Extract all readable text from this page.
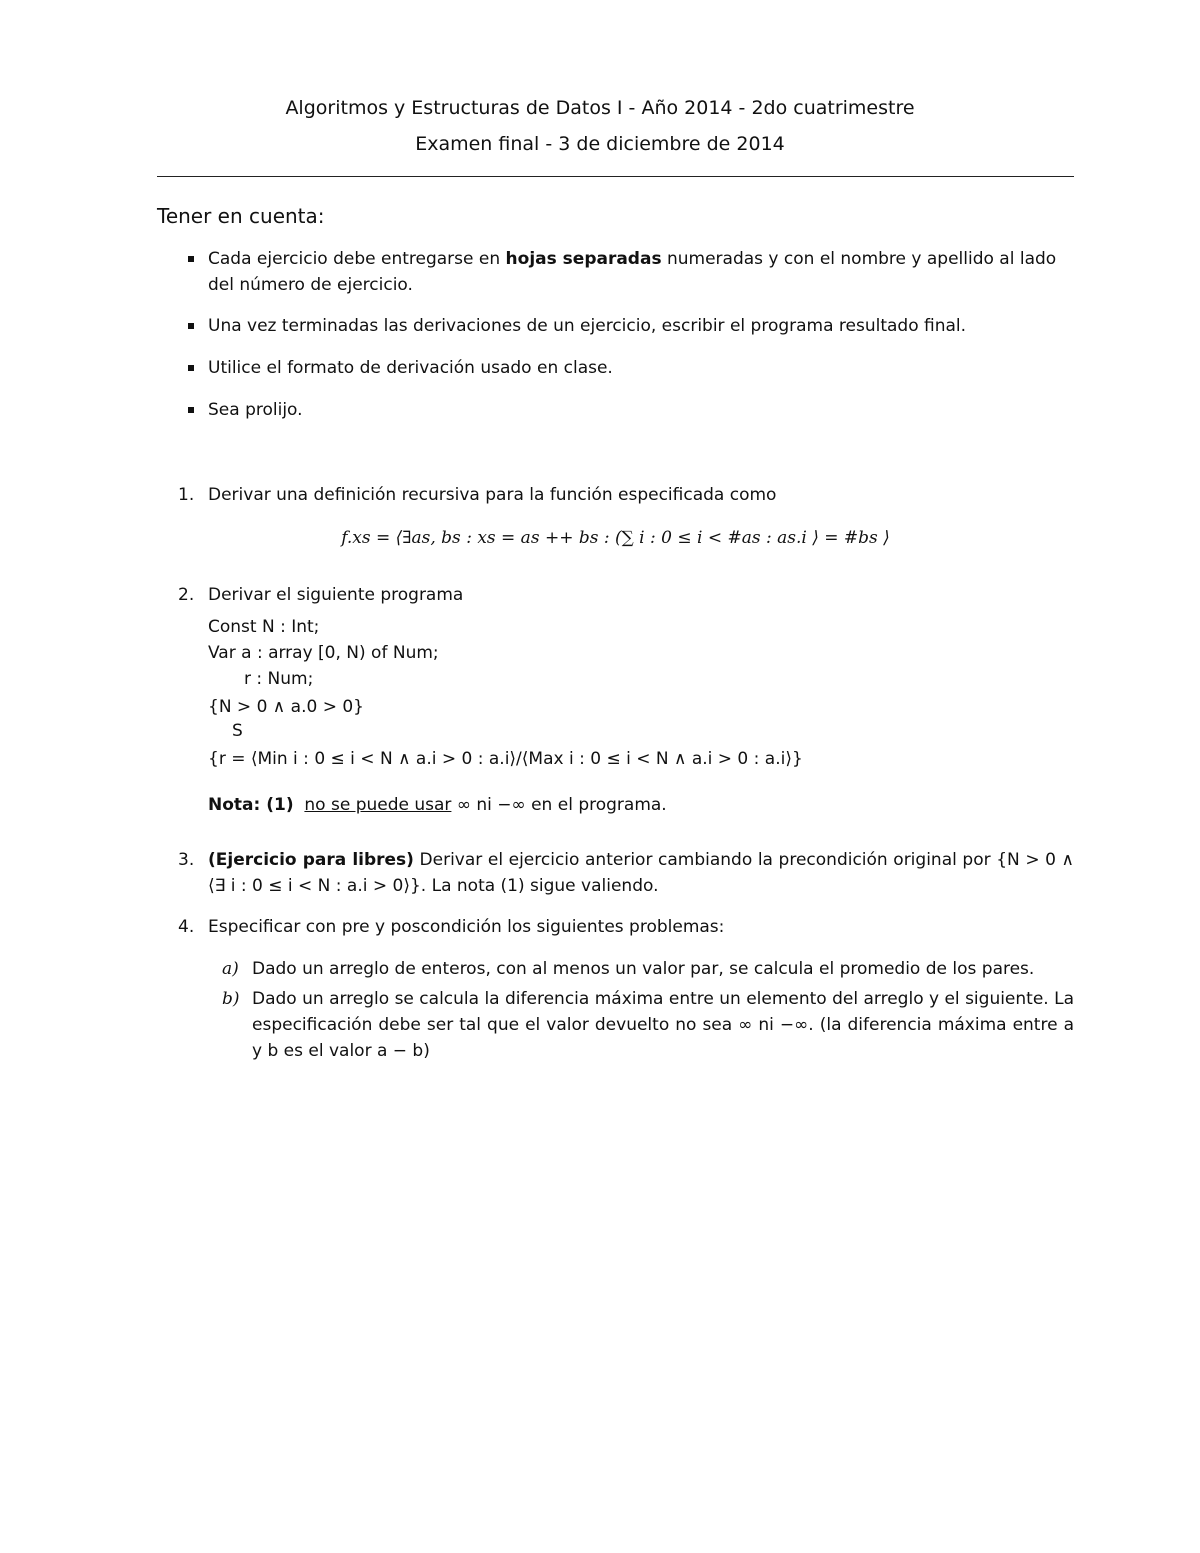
Algoritmos y Estructuras de Datos I - Año 2014 - 2do cuatrimestre
Examen final - 3 de diciembre de 2014
Tener en cuenta:
Cada ejercicio debe entregarse en hojas separadas numeradas y con el nombre y apellido al lado del número de ejercicio.
Una vez terminadas las derivaciones de un ejercicio, escribir el programa resultado final.
Utilice el formato de derivación usado en clase.
Sea prolijo.
1. Derivar una definición recursiva para la función especificada como
f.xs = ⟨∃as, bs : xs = as ++ bs : (∑ i : 0 ≤ i < #as : as.i ⟩ = #bs ⟩
2. Derivar el siguiente programa
Const N : Int;
Var a : array [0, N) of Num;
r : Num;
{N > 0 ∧ a.0 > 0}
S
{r = ⟨Min i : 0 ≤ i < N ∧ a.i > 0 : a.i⟩/⟨Max i : 0 ≤ i < N ∧ a.i > 0 : a.i⟩}
Nota: (1) no se puede usar ∞ ni −∞ en el programa.
3. (Ejercicio para libres) Derivar el ejercicio anterior cambiando la precondición original por {N > 0 ∧ ⟨∃ i : 0 ≤ i < N : a.i > 0⟩}. La nota (1) sigue valiendo.
4. Especificar con pre y poscondición los siguientes problemas:
a) Dado un arreglo de enteros, con al menos un valor par, se calcula el promedio de los pares.
b) Dado un arreglo se calcula la diferencia máxima entre un elemento del arreglo y el siguiente. La especificación debe ser tal que el valor devuelto no sea ∞ ni −∞. (la diferencia máxima entre a y b es el valor a − b)
